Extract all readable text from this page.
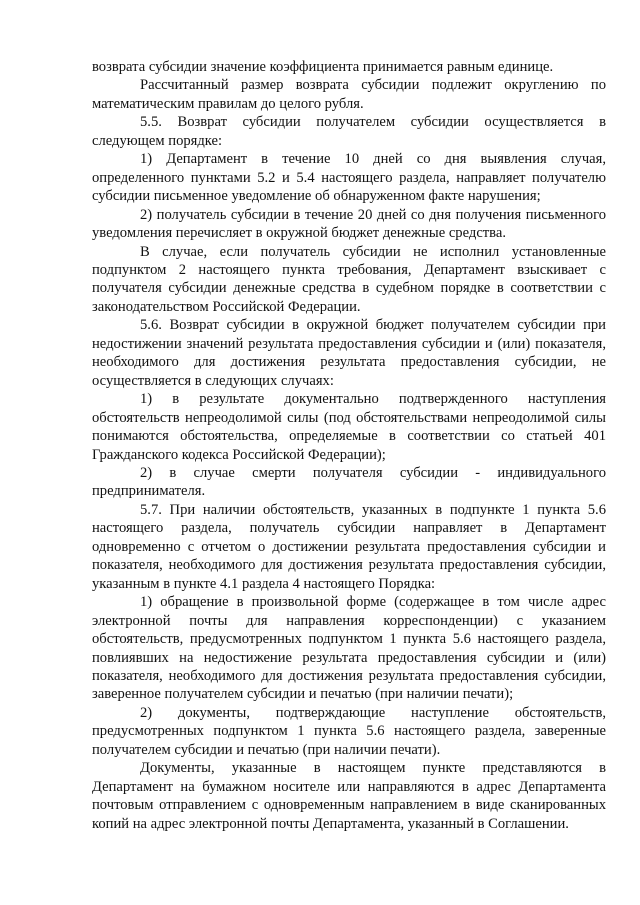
возврата субсидии значение коэффициента принимается равным единице.

Рассчитанный размер возврата субсидии подлежит округлению по математическим правилам до целого рубля.

5.5. Возврат субсидии получателем субсидии осуществляется в следующем порядке:

1) Департамент в течение 10 дней со дня выявления случая, определенного пунктами 5.2 и 5.4 настоящего раздела, направляет получателю субсидии письменное уведомление об обнаруженном факте нарушения;

2) получатель субсидии в течение 20 дней со дня получения письменного уведомления перечисляет в окружной бюджет денежные средства.

В случае, если получатель субсидии не исполнил установленные подпунктом 2 настоящего пункта требования, Департамент взыскивает с получателя субсидии денежные средства в судебном порядке в соответствии с законодательством Российской Федерации.

5.6. Возврат субсидии в окружной бюджет получателем субсидии при недостижении значений результата предоставления субсидии и (или) показателя, необходимого для достижения результата предоставления субсидии, не осуществляется в следующих случаях:

1) в результате документально подтвержденного наступления обстоятельств непреодолимой силы (под обстоятельствами непреодолимой силы понимаются обстоятельства, определяемые в соответствии со статьей 401 Гражданского кодекса Российской Федерации);

2) в случае смерти получателя субсидии - индивидуального предпринимателя.

5.7. При наличии обстоятельств, указанных в подпункте 1 пункта 5.6 настоящего раздела, получатель субсидии направляет в Департамент одновременно с отчетом о достижении результата предоставления субсидии и показателя, необходимого для достижения результата предоставления субсидии, указанным в пункте 4.1 раздела 4 настоящего Порядка:

1) обращение в произвольной форме (содержащее в том числе адрес электронной почты для направления корреспонденции) с указанием обстоятельств, предусмотренных подпунктом 1 пункта 5.6 настоящего раздела, повлиявших на недостижение результата предоставления субсидии и (или) показателя, необходимого для достижения результата предоставления субсидии, заверенное получателем субсидии и печатью (при наличии печати);

2) документы, подтверждающие наступление обстоятельств, предусмотренных подпунктом 1 пункта 5.6 настоящего раздела, заверенные получателем субсидии и печатью (при наличии печати).

Документы, указанные в настоящем пункте представляются в Департамент на бумажном носителе или направляются в адрес Департамента почтовым отправлением с одновременным направлением в виде сканированных копий на адрес электронной почты Департамента, указанный в Соглашении.
